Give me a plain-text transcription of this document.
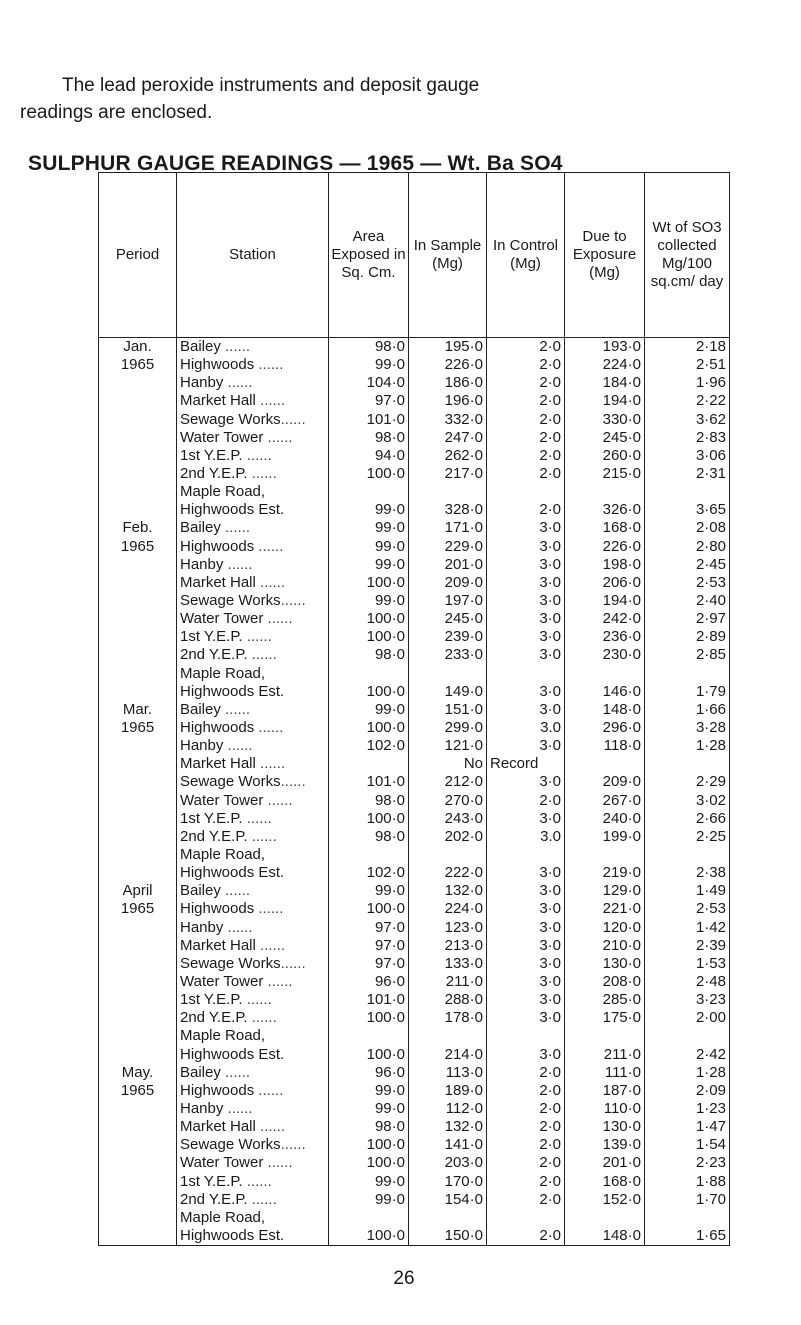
The lead peroxide instruments and deposit gauge
readings are enclosed.
SULPHUR GAUGE READINGS — 1965 — Wt. Ba SO4
Period	Station	Area Exposed in Sq. Cm.	In Sample (Mg)	In Control (Mg)	Due to Exposure (Mg)	Wt of SO3 collected Mg/100 sq.cm/ day
Jan.	Bailey ......	98·0	195·0	2·0	193·0	2·18
1965	Highwoods ......	99·0	226·0	2·0	224·0	2·51
	Hanby ......	104·0	186·0	2·0	184·0	1·96
	Market Hall ......	97·0	196·0	2·0	194·0	2·22
	Sewage Works......	101·0	332·0	2·0	330·0	3·62
	Water Tower ......	98·0	247·0	2·0	245·0	2·83
	1st Y.E.P. ......	94·0	262·0	2·0	260·0	3·06
	2nd Y.E.P. ......	100·0	217·0	2·0	215·0	2·31
	Maple Road,					
	Highwoods Est.	99·0	328·0	2·0	326·0	3·65
Feb.	Bailey ......	99·0	171·0	3·0	168·0	2·08
1965	Highwoods ......	99·0	229·0	3·0	226·0	2·80
	Hanby ......	99·0	201·0	3·0	198·0	2·45
	Market Hall ......	100·0	209·0	3·0	206·0	2·53
	Sewage Works......	99·0	197·0	3·0	194·0	2·40
	Water Tower ......	100·0	245·0	3·0	242·0	2·97
	1st Y.E.P. ......	100·0	239·0	3·0	236·0	2·89
	2nd Y.E.P. ......	98·0	233·0	3·0	230·0	2·85
	Maple Road,					
	Highwoods Est.	100·0	149·0	3·0	146·0	1·79
Mar.	Bailey ......	99·0	151·0	3·0	148·0	1·66
1965	Highwoods ......	100·0	299·0	3.0	296·0	3·28
	Hanby ......	102·0	121·0	3·0	118·0	1·28
	Market Hall ......		No	Record		
	Sewage Works......	101·0	212·0	3·0	209·0	2·29
	Water Tower ......	98·0	270·0	2·0	267·0	3·02
	1st Y.E.P. ......	100·0	243·0	3·0	240·0	2·66
	2nd Y.E.P. ......	98·0	202·0	3.0	199·0	2·25
	Maple Road,					
	Highwoods Est.	102·0	222·0	3·0	219·0	2·38
April	Bailey ......	99·0	132·0	3·0	129·0	1·49
1965	Highwoods ......	100·0	224·0	3·0	221·0	2·53
	Hanby ......	97·0	123·0	3·0	120·0	1·42
	Market Hall ......	97·0	213·0	3·0	210·0	2·39
	Sewage Works......	97·0	133·0	3·0	130·0	1·53
	Water Tower ......	96·0	211·0	3·0	208·0	2·48
	1st Y.E.P. ......	101·0	288·0	3·0	285·0	3·23
	2nd Y.E.P. ......	100·0	178·0	3·0	175·0	2·00
	Maple Road,					
	Highwoods Est.	100·0	214·0	3·0	211·0	2·42
May.	Bailey ......	96·0	113·0	2·0	111·0	1·28
1965	Highwoods ......	99·0	189·0	2·0	187·0	2·09
	Hanby ......	99·0	112·0	2·0	110·0	1·23
	Market Hall ......	98·0	132·0	2·0	130·0	1·47
	Sewage Works......	100·0	141·0	2·0	139·0	1·54
	Water Tower ......	100·0	203·0	2·0	201·0	2·23
	1st Y.E.P. ......	99·0	170·0	2·0	168·0	1·88
	2nd Y.E.P. ......	99·0	154·0	2·0	152·0	1·70
	Maple Road,					
	Highwoods Est.	100·0	150·0	2·0	148·0	1·65
26
